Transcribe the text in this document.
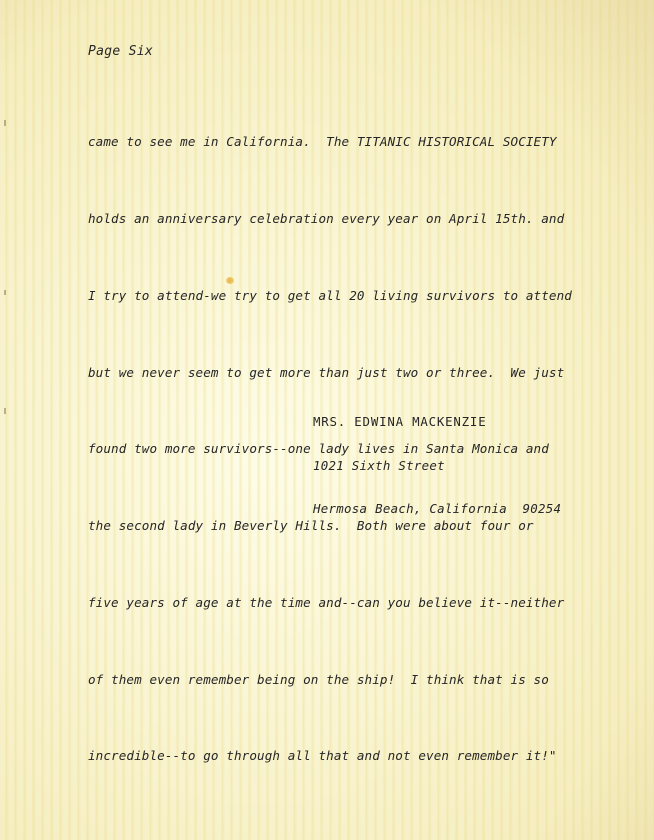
Page Six

came to see me in California.  The TITANIC HISTORICAL SOCIETY

holds an anniversary celebration every year on April 15th. and

I try to attend-we try to get all 20 living survivors to attend

but we never seem to get more than just two or three.  We just

found two more survivors--one lady lives in Santa Monica and

the second lady in Beverly Hills.  Both were about four or

five years of age at the time and--can you believe it--neither

of them even remember being on the ship!  I think that is so

incredible--to go through all that and not even remember it!"

MRS. EDWINA MACKENZIE

1021 Sixth Street

Hermosa Beach, California  90254
